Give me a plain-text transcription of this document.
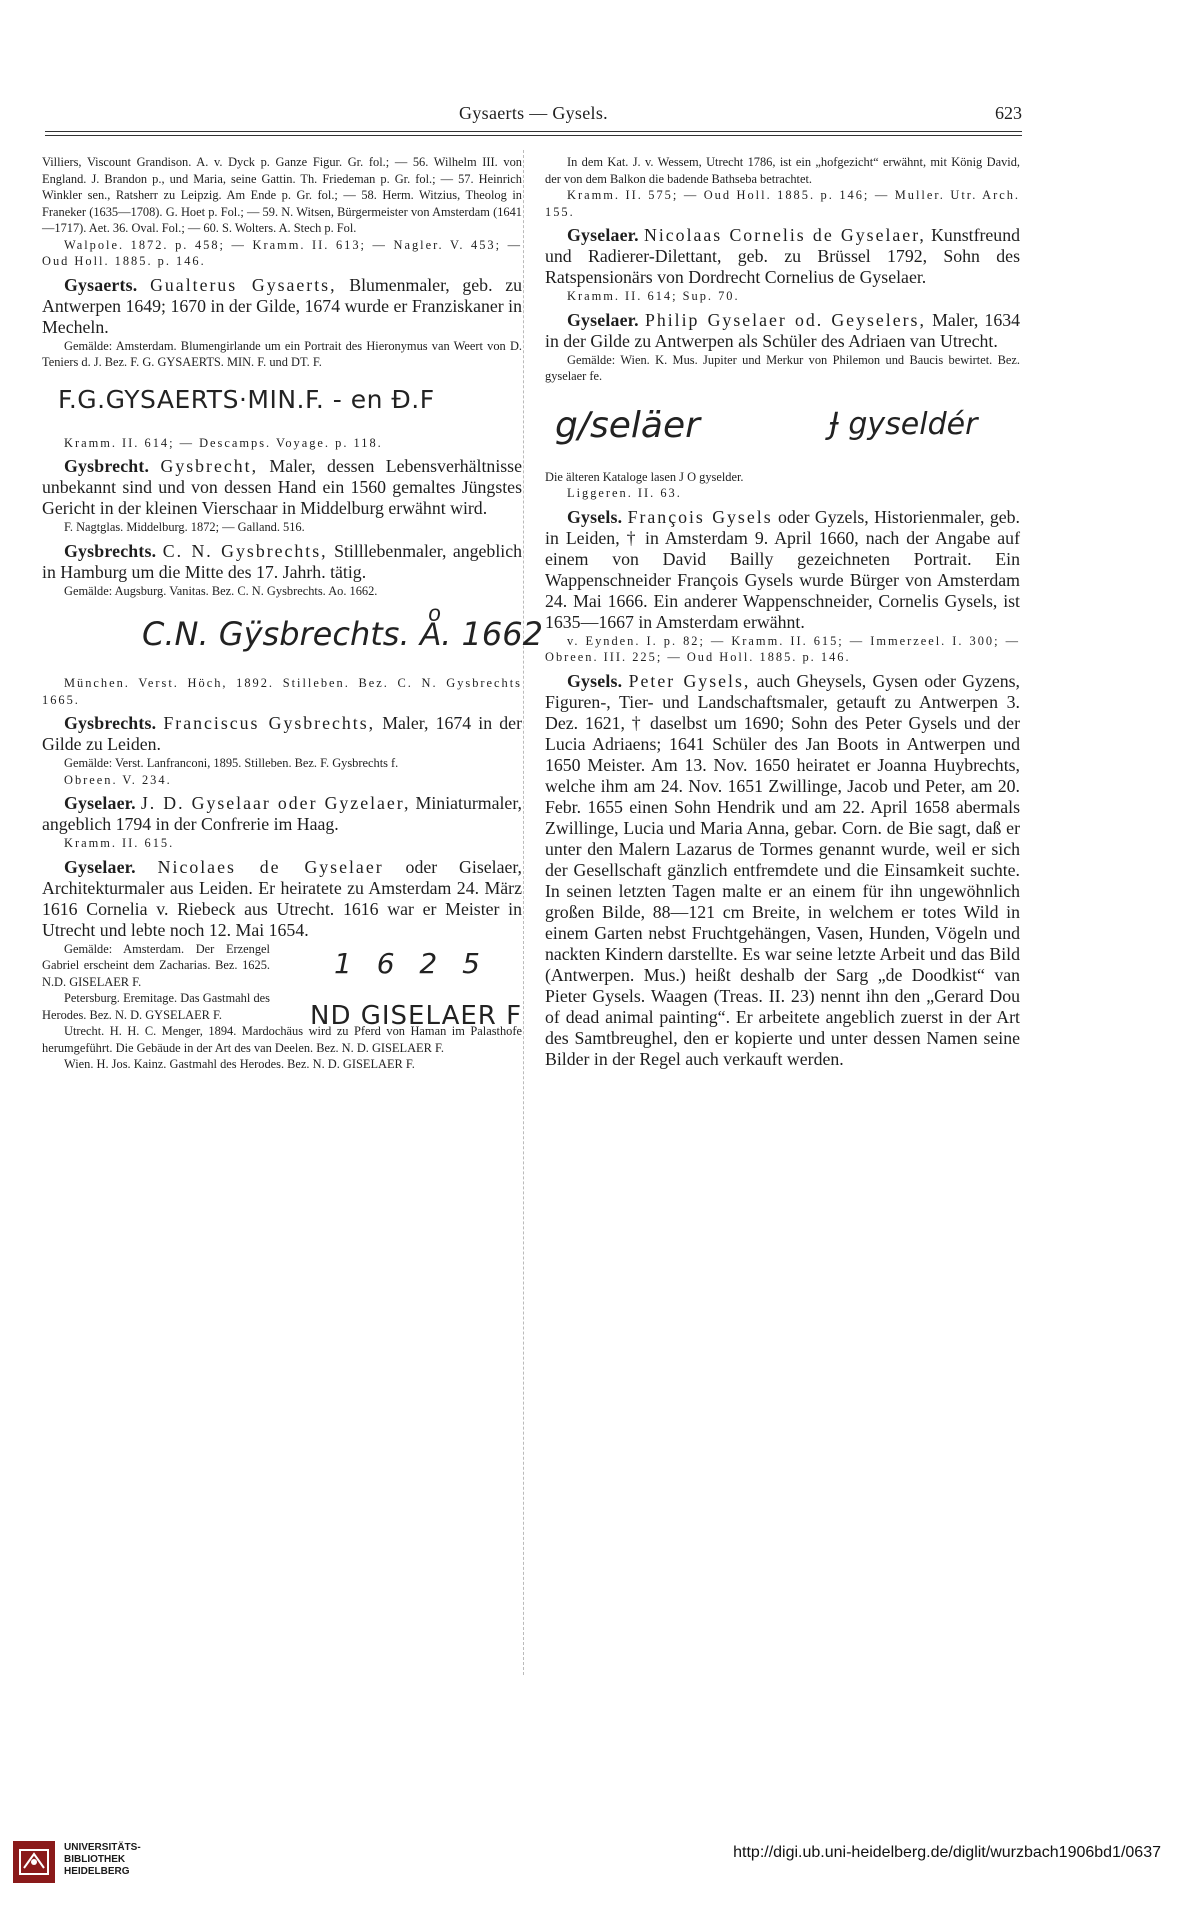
Gysaerts — Gysels.	623

Villiers, Viscount Grandison. A. v. Dyck p. Ganze Figur. Gr. fol.; — 56. Wilhelm III. von England. J. Brandon p., und Maria, seine Gattin. Th. Friedeman p. Gr. fol.; — 57. Heinrich Winkler sen., Ratsherr zu Leipzig. Am Ende p. Gr. fol.; — 58. Herm. Witzius, Theolog in Franeker (1635—1708). G. Hoet p. Fol.; — 59. N. Witsen, Bürgermeister von Amsterdam (1641—1717). Aet. 36. Oval. Fol.; — 60. S. Wolters. A. Stech p. Fol.

Walpole. 1872. p. 458; — Kramm. II. 613; — Nagler. V. 453; — Oud Holl. 1885. p. 146.

Gysaerts. Gualterus Gysaerts, Blumenmaler, geb. zu Antwerpen 1649; 1670 in der Gilde, 1674 wurde er Franziskaner in Mecheln.

Gemälde: Amsterdam. Blumengirlande um ein Portrait des Hieronymus van Weert von D. Teniers d. J. Bez. F. G. GYSAERTS. MIN. F. und DT. F.

F.G.GYSAERTS·MIN.F. - en Ð.F

Kramm. II. 614; — Descamps. Voyage. p. 118.

Gysbrecht. Gysbrecht, Maler, dessen Lebensverhältnisse unbekannt sind und von dessen Hand ein 1560 gemaltes Jüngstes Gericht in der kleinen Vierschaar in Middelburg erwähnt wird.

F. Nagtglas. Middelburg. 1872; — Galland. 516.

Gysbrechts. C. N. Gysbrechts, Stilllebenmaler, angeblich in Hamburg um die Mitte des 17. Jahrh. tätig.

Gemälde: Augsburg. Vanitas. Bez. C. N. Gysbrechts. Ao. 1662.

C.N. Gÿsbrechts. Aͦ. 1662

München. Verst. Höch, 1892. Stilleben. Bez. C. N. Gysbrechts 1665.

Gysbrechts. Franciscus Gysbrechts, Maler, 1674 in der Gilde zu Leiden.

Gemälde: Verst. Lanfranconi, 1895. Stilleben. Bez. F. Gysbrechts f.

Obreen. V. 234.

Gyselaer. J. D. Gyselaar oder Gyzelaer, Miniaturmaler, angeblich 1794 in der Confrerie im Haag.

Kramm. II. 615.

Gyselaer. Nicolaes de Gyselaer oder Giselaer, Architekturmaler aus Leiden. Er heiratete zu Amsterdam 24. März 1616 Cornelia v. Riebeck aus Utrecht. 1616 war er Meister in Utrecht und lebte noch 12. Mai 1654.

1 6 2 5
ND GISELAER F

Gemälde: Amsterdam. Der Erzengel Gabriel erscheint dem Zacharias. Bez. 1625. N.D. GISELAER F.

Petersburg. Eremitage. Das Gastmahl des Herodes. Bez. N. D. GYSELAER F.

Utrecht. H. H. C. Menger, 1894. Mardochäus wird zu Pferd von Haman im Palasthofe herumgeführt. Die Gebäude in der Art des van Deelen. Bez. N. D. GISELAER F.

Wien. H. Jos. Kainz. Gastmahl des Herodes. Bez. N. D. GISELAER F.

In dem Kat. J. v. Wessem, Utrecht 1786, ist ein „hofgezicht“ erwähnt, mit König David, der von dem Balkon die badende Bathseba betrachtet.

Kramm. II. 575; — Oud Holl. 1885. p. 146; — Muller. Utr. Arch. 155.

Gyselaer. Nicolaas Cornelis de Gyselaer, Kunstfreund und Radierer-Dilettant, geb. zu Brüssel 1792, Sohn des Ratspensionärs von Dordrecht Cornelius de Gyselaer.

Kramm. II. 614; Sup. 70.

Gyselaer. Philip Gyselaer od. Geyselers, Maler, 1634 in der Gilde zu Antwerpen als Schüler des Adriaen van Utrecht.

Gemälde: Wien. K. Mus. Jupiter und Merkur von Philemon und Baucis bewirtet. Bez. gyselaer fe.

g/seläer	Ɉ gyseldér

Die älteren Kataloge lasen J O gyselder.

Liggeren. II. 63.

Gysels. François Gysels oder Gyzels, Historienmaler, geb. in Leiden, † in Amsterdam 9. April 1660, nach der Angabe auf einem von David Bailly gezeichneten Portrait. Ein Wappenschneider François Gysels wurde Bürger von Amsterdam 24. Mai 1666. Ein anderer Wappenschneider, Cornelis Gysels, ist 1635—1667 in Amsterdam erwähnt.

v. Eynden. I. p. 82; — Kramm. II. 615; — Immerzeel. I. 300; — Obreen. III. 225; — Oud Holl. 1885. p. 146.

Gysels. Peter Gysels, auch Gheysels, Gysen oder Gyzens, Figuren-, Tier- und Landschaftsmaler, getauft zu Antwerpen 3. Dez. 1621, † daselbst um 1690; Sohn des Peter Gysels und der Lucia Adriaens; 1641 Schüler des Jan Boots in Antwerpen und 1650 Meister. Am 13. Nov. 1650 heiratet er Joanna Huybrechts, welche ihm am 24. Nov. 1651 Zwillinge, Jacob und Peter, am 20. Febr. 1655 einen Sohn Hendrik und am 22. April 1658 abermals Zwillinge, Lucia und Maria Anna, gebar. Corn. de Bie sagt, daß er unter den Malern Lazarus de Tormes genannt wurde, weil er sich der Gesellschaft gänzlich entfremdete und die Einsamkeit suchte. In seinen letzten Tagen malte er an einem für ihn ungewöhnlich großen Bilde, 88—121 cm Breite, in welchem er totes Wild in einem Garten nebst Fruchtgehängen, Vasen, Hunden, Vögeln und nackten Kindern darstellte. Es war seine letzte Arbeit und das Bild (Antwerpen. Mus.) heißt deshalb der Sarg „de Doodkist“ van Pieter Gysels. Waagen (Treas. II. 23) nennt ihn den „Gerard Dou of dead animal painting“. Er arbeitete angeblich zuerst in der Art des Samtbreughel, den er kopierte und unter dessen Namen seine Bilder in der Regel auch verkauft werden.

UNIVERSITÄTS-
BIBLIOTHEK
HEIDELBERG
http://digi.ub.uni-heidelberg.de/diglit/wurzbach1906bd1/0637
